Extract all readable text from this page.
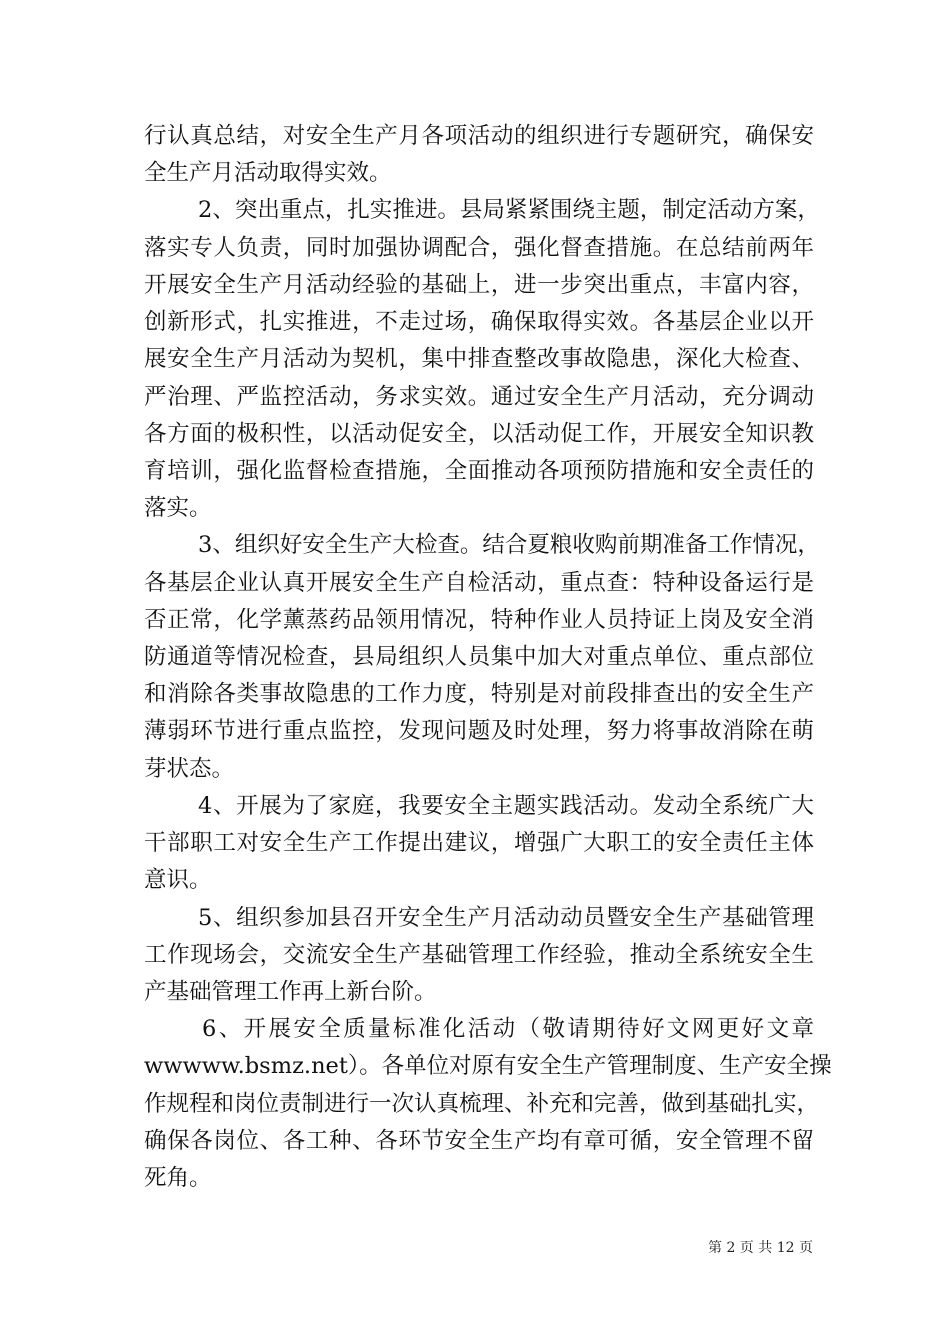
行认真总结，对安全生产月各项活动的组织进行专题研究，确保安
全生产月活动取得实效。
2、突出重点，扎实推进。县局紧紧围绕主题，制定活动方案，
落实专人负责，同时加强协调配合，强化督查措施。在总结前两年
开展安全生产月活动经验的基础上，进一步突出重点，丰富内容，
创新形式，扎实推进，不走过场，确保取得实效。各基层企业以开
展安全生产月活动为契机，集中排查整改事故隐患，深化大检查、
严治理、严监控活动，务求实效。通过安全生产月活动，充分调动
各方面的极积性，以活动促安全，以活动促工作，开展安全知识教
育培训，强化监督检查措施，全面推动各项预防措施和安全责任的
落实。
3、组织好安全生产大检查。结合夏粮收购前期准备工作情况，
各基层企业认真开展安全生产自检活动，重点查：特种设备运行是
否正常，化学薰蒸药品领用情况，特种作业人员持证上岗及安全消
防通道等情况检查，县局组织人员集中加大对重点单位、重点部位
和消除各类事故隐患的工作力度，特别是对前段排查出的安全生产
薄弱环节进行重点监控，发现问题及时处理，努力将事故消除在萌
芽状态。
4、开展为了家庭，我要安全主题实践活动。发动全系统广大
干部职工对安全生产工作提出建议，增强广大职工的安全责任主体
意识。
5、组织参加县召开安全生产月活动动员暨安全生产基础管理
工作现场会，交流安全生产基础管理工作经验，推动全系统安全生
产基础管理工作再上新台阶。
6、开展安全质量标准化活动（敬请期待好文网更好文章
wwwww.bsmz.net）。各单位对原有安全生产管理制度、生产安全操
作规程和岗位责制进行一次认真梳理、补充和完善，做到基础扎实，
确保各岗位、各工种、各环节安全生产均有章可循，安全管理不留
死角。
第 2 页 共 12 页
